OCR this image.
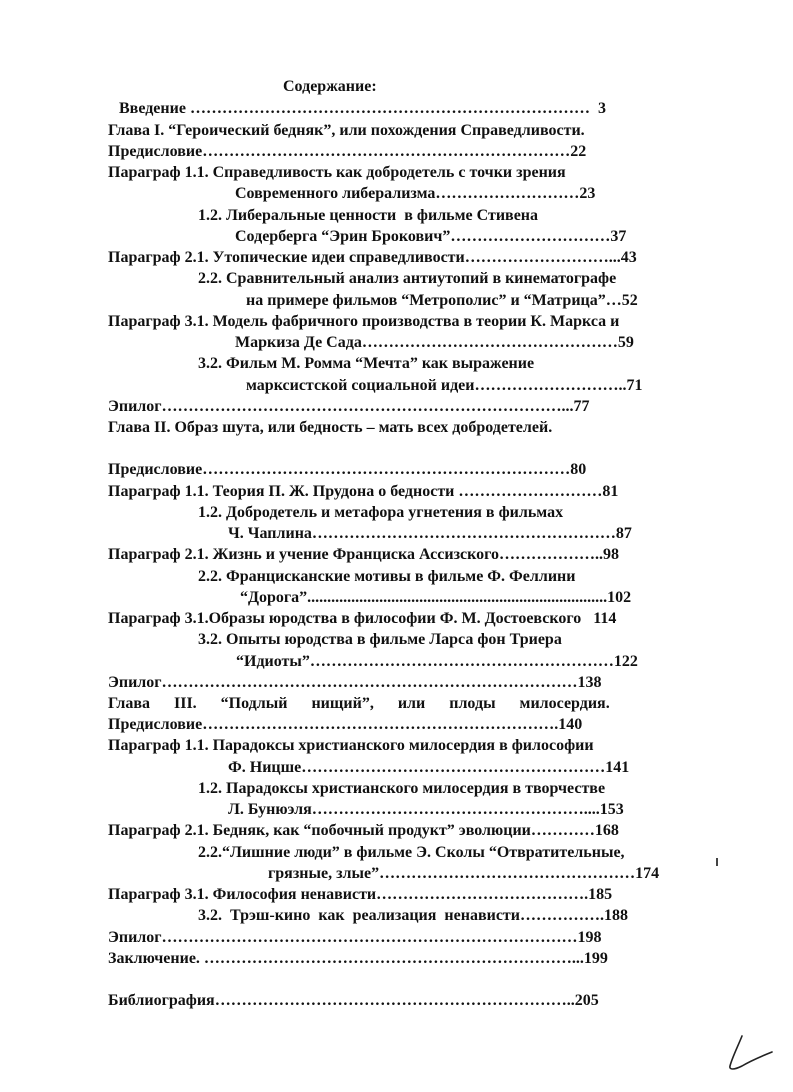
Содержание:
Введение …………………………………………………………………  3
Глава I. “Героический бедняк”, или похождения Справедливости.
Предисловие……………………………………………………………22
Параграф 1.1. Справедливость как добродетель с точки зрения
Современного либерализма………………………23
1.2. Либеральные ценности  в фильме Стивена
Содерберга “Эрин Брокович”…………………………37
Параграф 2.1. Утопические идеи справедливости………………………...43
2.2. Сравнительный анализ антиутопий в кинематографе
на примере фильмов “Метрополис” и “Матрица”…52
Параграф 3.1. Модель фабричного производства в теории К. Маркса и
Маркиза Де Сада…………………………………………59
3.2. Фильм М. Ромма “Мечта” как выражение
марксистской социальной идеи………………………..71
Эпилог…………………………………………………………………...77
Глава II. Образ шута, или бедность – мать всех добродетелей.
Предисловие……………………………………………………………80
Параграф 1.1. Теория П. Ж. Прудона о бедности ………………………81
1.2. Добродетель и метафора угнетения в фильмах
Ч. Чаплина…………………………………………………87
Параграф 2.1. Жизнь и учение Франциска Ассизского………………..98
2.2. Францисканские мотивы в фильме Ф. Феллини
“Дорога”...........................................................................102
Параграф 3.1.Образы юродства в философии Ф. М. Достоевского   114
3.2. Опыты юродства в фильме Ларса фон Триера
“Идиоты”…………………………………………………122
Эпилог……………………………………………………………………138
Глава      III.      “Подлый      нищий”,      или      плоды      милосердия.
Предисловие………………………………………………………….140
Параграф 1.1. Парадоксы христианского милосердия в философии
Ф. Ницше…………………………………………………141
1.2. Парадоксы христианского милосердия в творчестве
Л. Бунюэля……………………………………………....153
Параграф 2.1. Бедняк, как “побочный продукт” эволюции…………168
2.2.“Лишние люди” в фильме Э. Сколы “Отвратительные,
грязные, злые”…………………………………………174
Параграф 3.1. Философия ненависти………………………………….185
3.2.  Трэш-кино  как  реализация  ненависти…………….188
Эпилог……………………………………………………………………198
Заключение. ……………………………………………………………...199
Библиография…………………………………………………………..205
